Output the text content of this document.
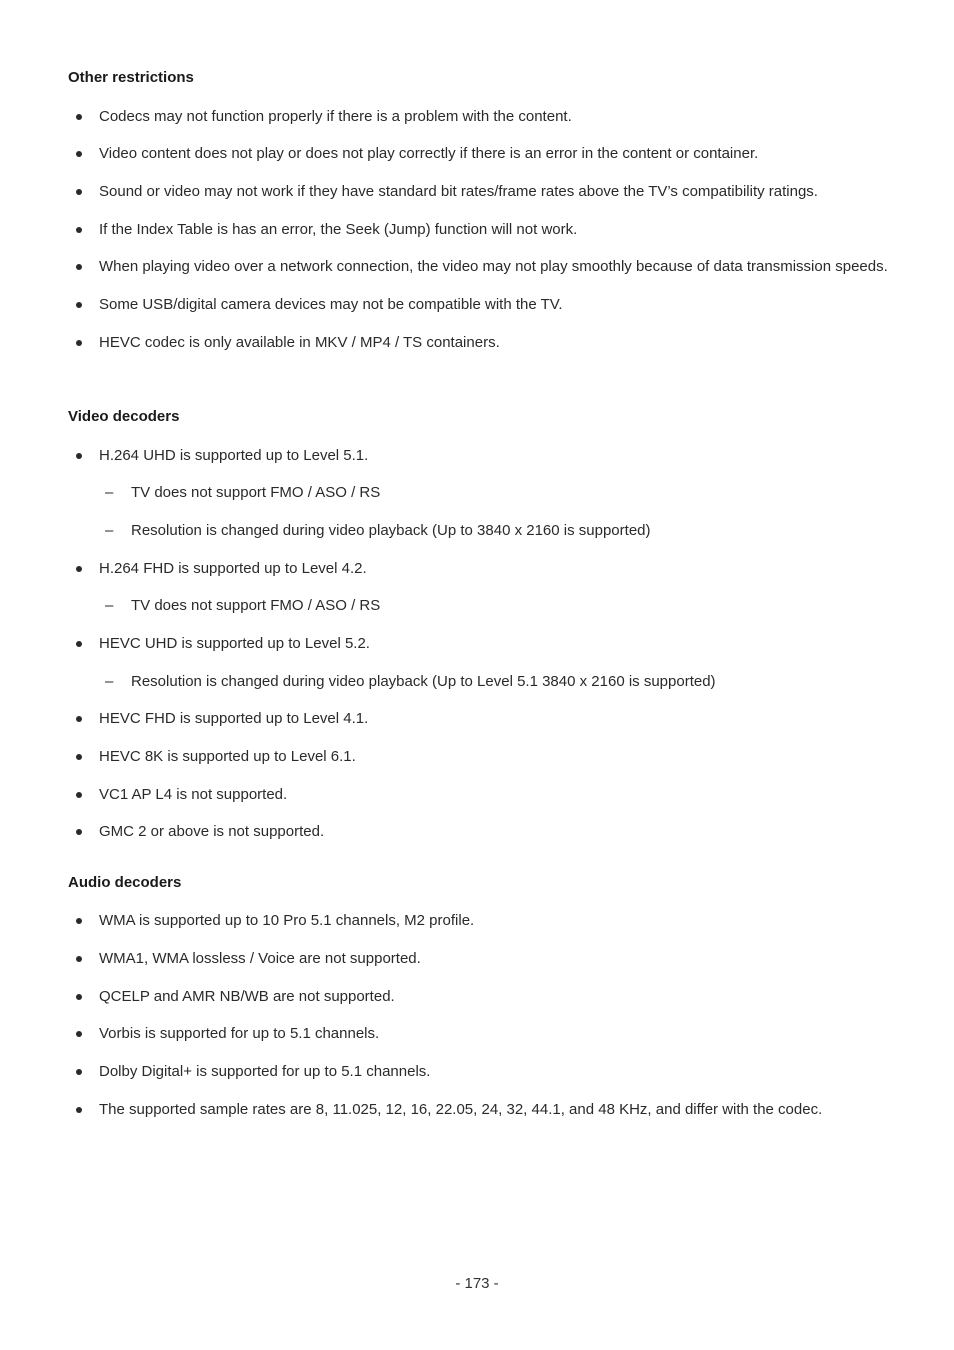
Other restrictions
Codecs may not function properly if there is a problem with the content.
Video content does not play or does not play correctly if there is an error in the content or container.
Sound or video may not work if they have standard bit rates/frame rates above the TV’s compatibility ratings.
If the Index Table is has an error, the Seek (Jump) function will not work.
When playing video over a network connection, the video may not play smoothly because of data transmission speeds.
Some USB/digital camera devices may not be compatible with the TV.
HEVC codec is only available in MKV / MP4 / TS containers.
Video decoders
H.264 UHD is supported up to Level 5.1.
– TV does not support FMO / ASO / RS
– Resolution is changed during video playback (Up to 3840 x 2160 is supported)
H.264 FHD is supported up to Level 4.2.
– TV does not support FMO / ASO / RS
HEVC UHD is supported up to Level 5.2.
– Resolution is changed during video playback (Up to Level 5.1 3840 x 2160 is supported)
HEVC FHD is supported up to Level 4.1.
HEVC 8K is supported up to Level 6.1.
VC1 AP L4 is not supported.
GMC 2 or above is not supported.
Audio decoders
WMA is supported up to 10 Pro 5.1 channels, M2 profile.
WMA1, WMA lossless / Voice are not supported.
QCELP and AMR NB/WB are not supported.
Vorbis is supported for up to 5.1 channels.
Dolby Digital+ is supported for up to 5.1 channels.
The supported sample rates are 8, 11.025, 12, 16, 22.05, 24, 32, 44.1, and 48 KHz, and differ with the codec.
- 173 -
